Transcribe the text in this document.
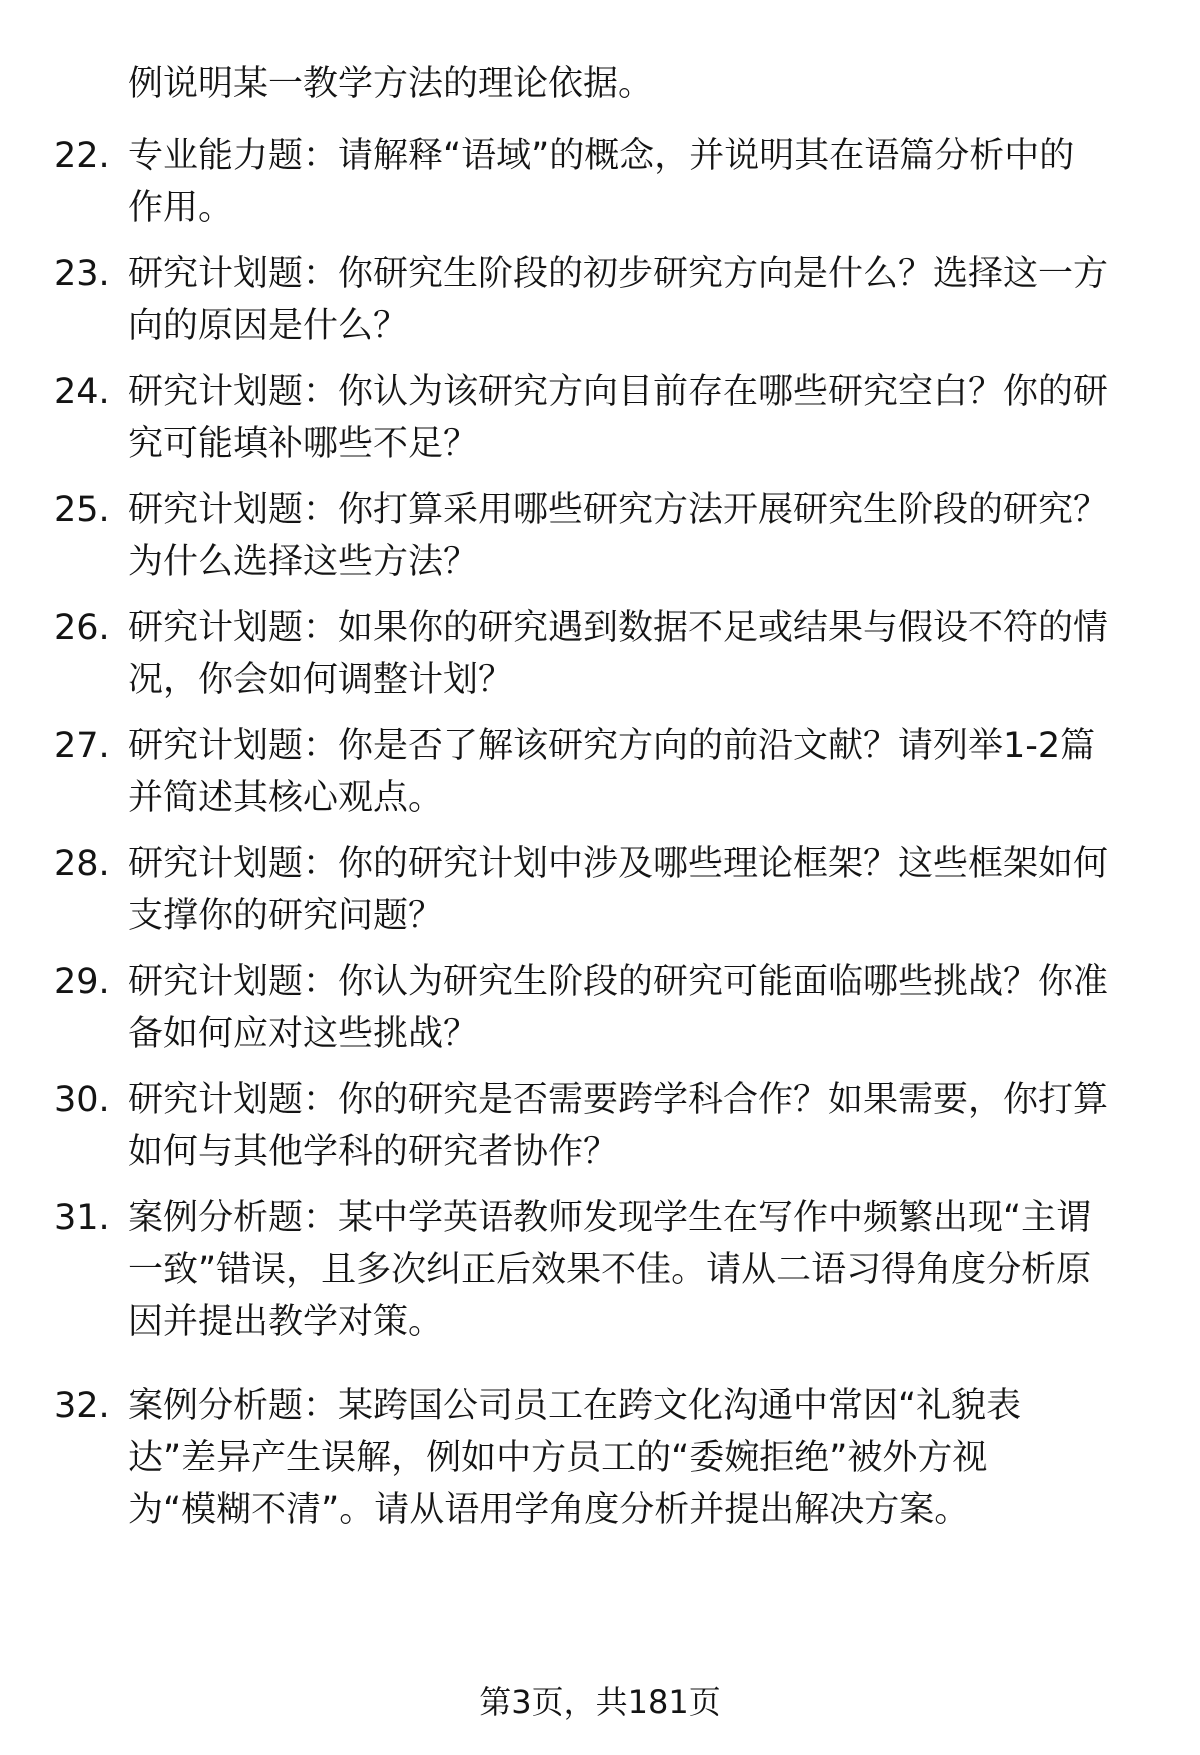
例说明某一教学方法的理论依据。
22. 专业能力题：请解释“语域”的概念，并说明其在语篇分析中的
作用。
23. 研究计划题：你研究生阶段的初步研究方向是什么？选择这一方
向的原因是什么？
24. 研究计划题：你认为该研究方向目前存在哪些研究空白？你的研
究可能填补哪些不足？
25. 研究计划题：你打算采用哪些研究方法开展研究生阶段的研究？
为什么选择这些方法？
26. 研究计划题：如果你的研究遇到数据不足或结果与假设不符的情
况，你会如何调整计划？
27. 研究计划题：你是否了解该研究方向的前沿文献？请列举1-2篇
并简述其核心观点。
28. 研究计划题：你的研究计划中涉及哪些理论框架？这些框架如何
支撑你的研究问题？
29. 研究计划题：你认为研究生阶段的研究可能面临哪些挑战？你准
备如何应对这些挑战？
30. 研究计划题：你的研究是否需要跨学科合作？如果需要，你打算
如何与其他学科的研究者协作？
31. 案例分析题：某中学英语教师发现学生在写作中频繁出现“主谓
一致”错误，且多次纠正后效果不佳。请从二语习得角度分析原
因并提出教学对策。
32. 案例分析题：某跨国公司员工在跨文化沟通中常因“礼貌表
达”差异产生误解，例如中方员工的“委婉拒绝”被外方视
为“模糊不清”。请从语用学角度分析并提出解决方案。
第3页，共181页
